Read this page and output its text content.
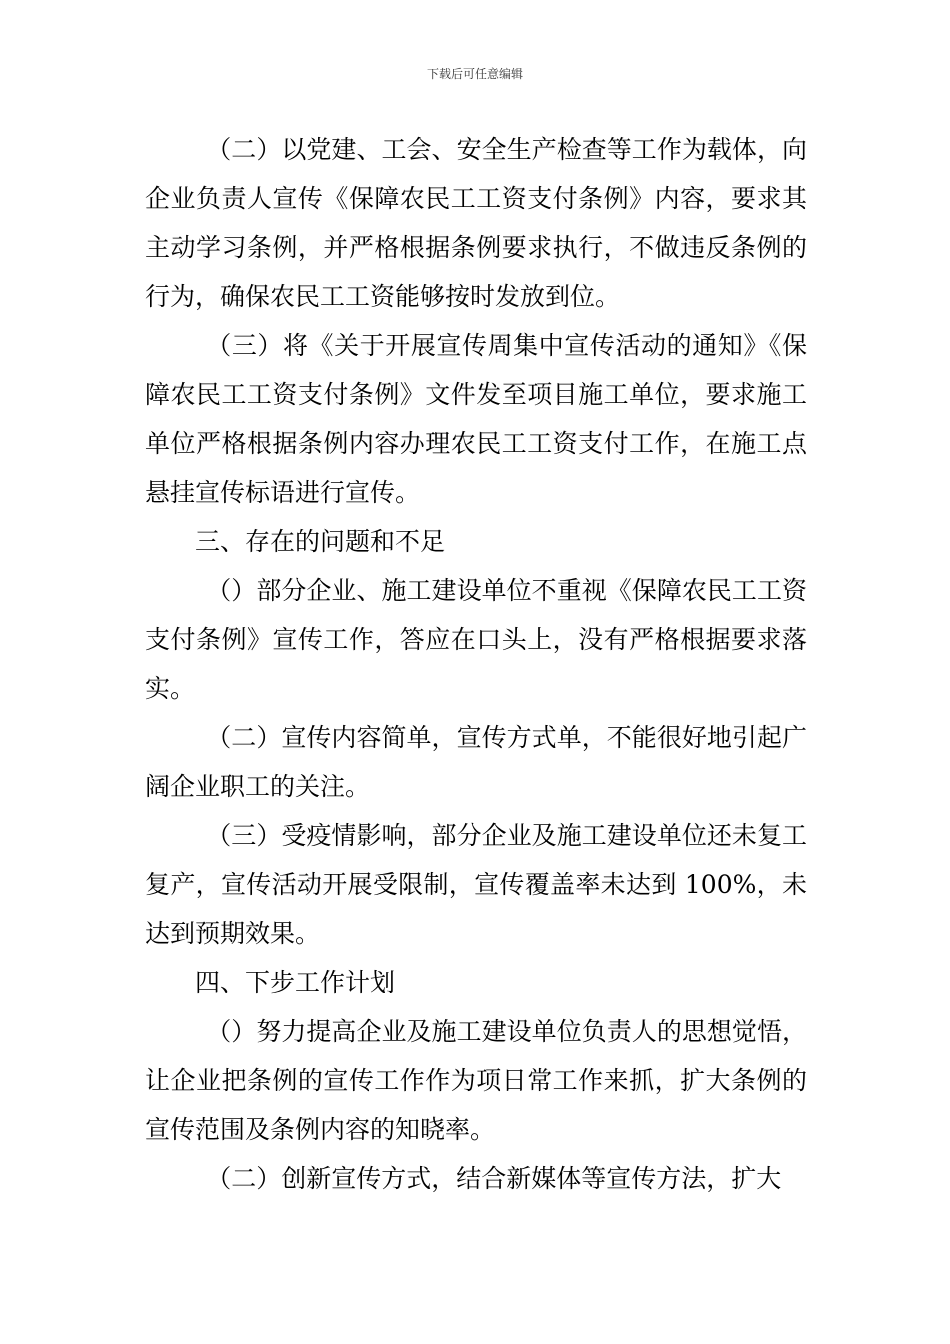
下载后可任意编辑

（二）以党建、工会、安全生产检查等工作为载体，向企业负责人宣传《保障农民工工资支付条例》内容，要求其主动学习条例，并严格根据条例要求执行，不做违反条例的行为，确保农民工工资能够按时发放到位。

（三）将《关于开展宣传周集中宣传活动的通知》《保障农民工工资支付条例》文件发至项目施工单位，要求施工单位严格根据条例内容办理农民工工资支付工作，在施工点悬挂宣传标语进行宣传。

三、存在的问题和不足

（）部分企业、施工建设单位不重视《保障农民工工资支付条例》宣传工作，答应在口头上，没有严格根据要求落实。

（二）宣传内容简单，宣传方式单，不能很好地引起广阔企业职工的关注。

（三）受疫情影响，部分企业及施工建设单位还未复工复产，宣传活动开展受限制，宣传覆盖率未达到 100%，未达到预期效果。

四、下步工作计划

（）努力提高企业及施工建设单位负责人的思想觉悟，让企业把条例的宣传工作作为项日常工作来抓，扩大条例的宣传范围及条例内容的知晓率。

（二）创新宣传方式，结合新媒体等宣传方法，扩大
